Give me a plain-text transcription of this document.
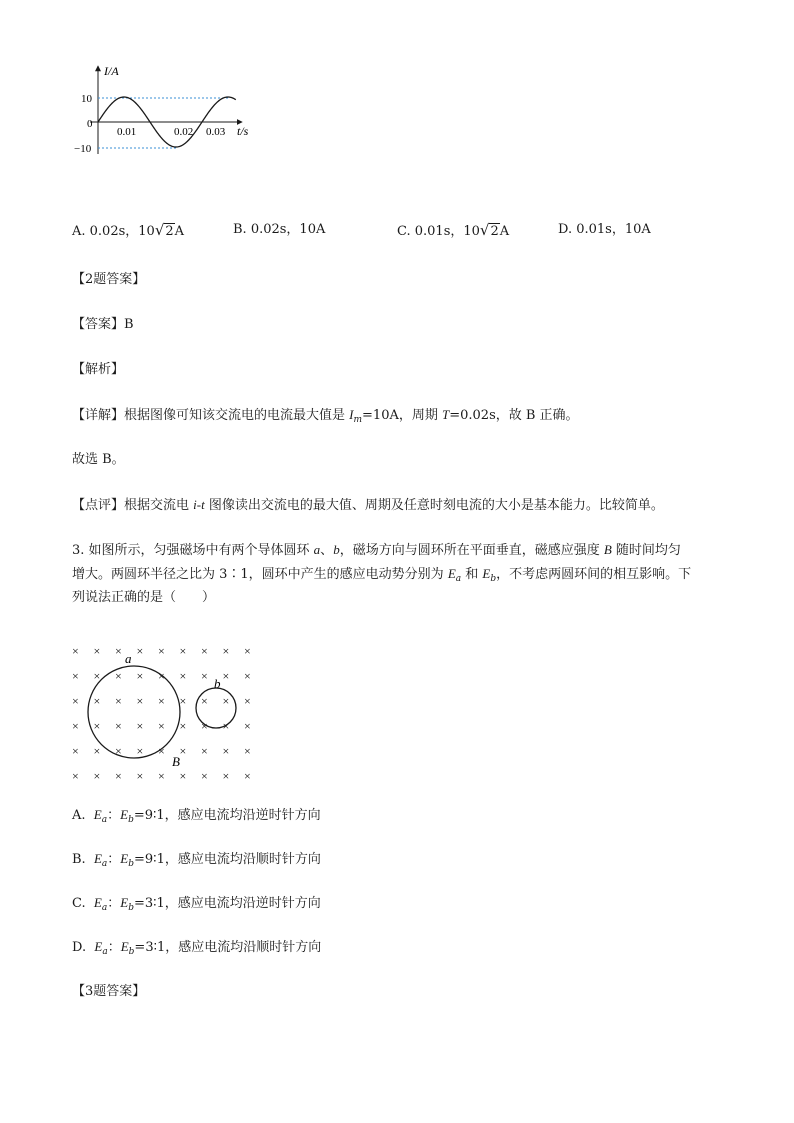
I/A
10
0
−10
0.01	0.02 0.03 t/s
A. 0.02s，10√2A	B. 0.02s，10A	C. 0.01s，10√2A	D. 0.01s，10A
【2题答案】
【答案】B
【解析】
【详解】根据图像可知该交流电的电流最大值是 $I_m=10A$，周期 T=0.02s，故 B 正确。
故选 B。
【点评】根据交流电 i-t 图像读出交流电的最大值、周期及任意时刻电流的大小是基本能力。比较简单。
3. 如图所示，匀强磁场中有两个导体圆环 a、b，磁场方向与圆环所在平面垂直，磁感应强度 B 随时间均匀
增大。两圆环半径之比为 3∶1，圆环中产生的感应电动势分别为 $E_a$ 和 $E_b$，不考虑两圆环间的相互影响。下
列说法正确的是（　　）
× × × × × × × × ×
× × × × × × × × ×
× × × × × × × × ×
× × × × × × × × ×
× × × × × × × × ×
× × × × × × × × ×
a
b
B
A. $E_a$：$E_b=9∶1$，感应电流均沿逆时针方向
B. $E_a$：$E_b=9∶1$，感应电流均沿顺时针方向
C. $E_a$：$E_b=3∶1$，感应电流均沿逆时针方向
D. $E_a$：$E_b=3∶1$，感应电流均沿顺时针方向
【3题答案】
